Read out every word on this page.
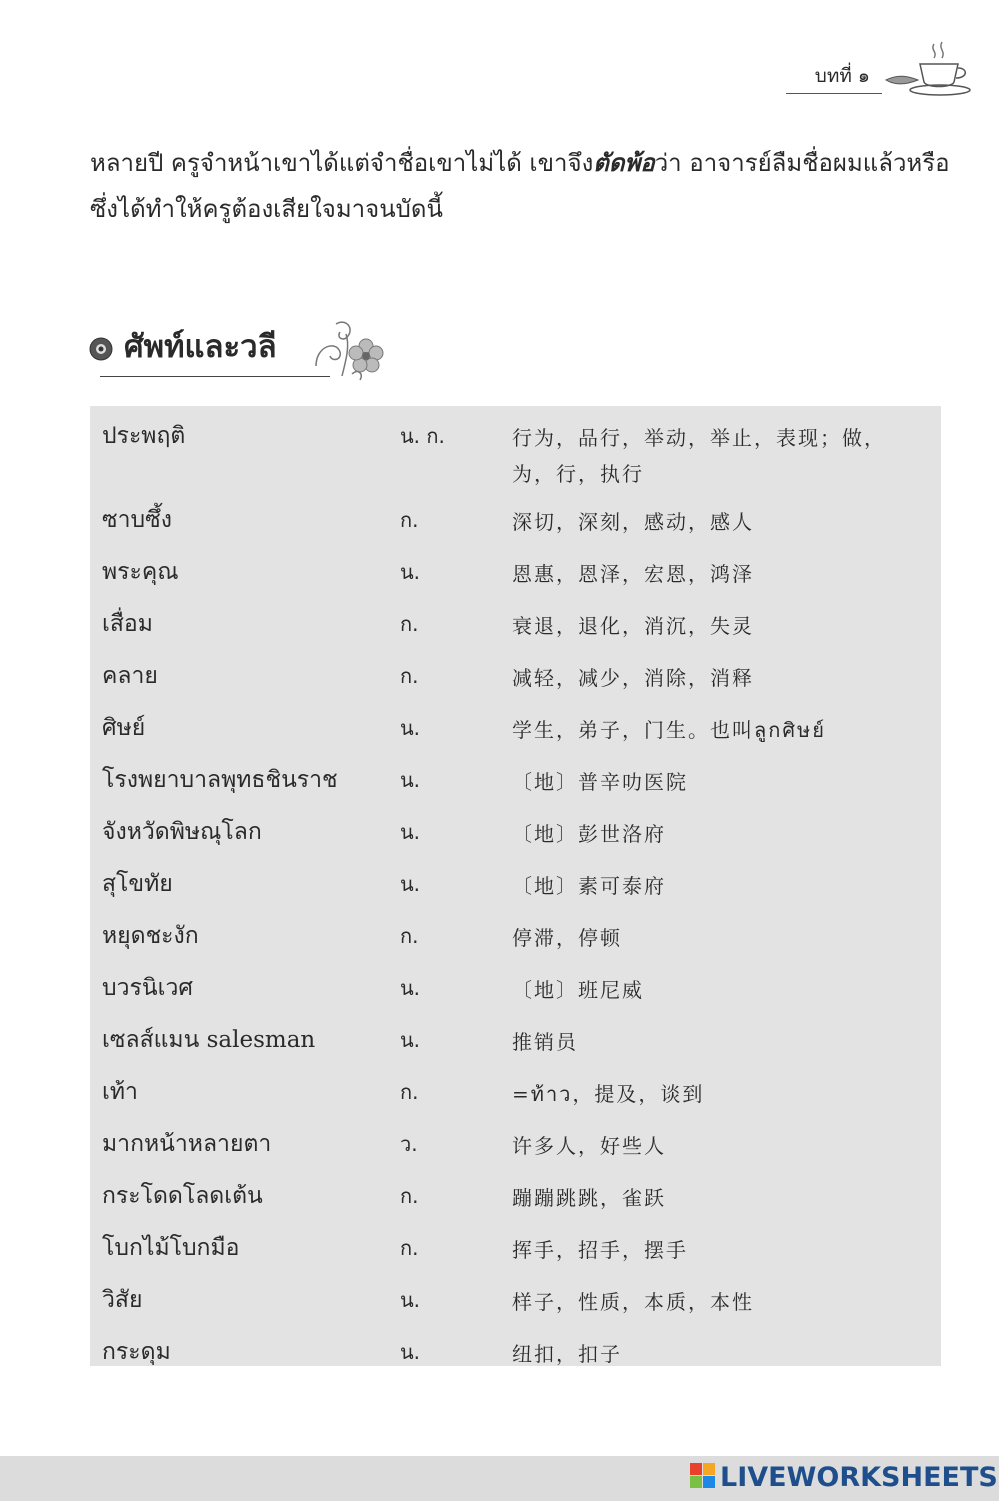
บทที่ ๑

หลายปี ครูจำหน้าเขาได้แต่จำชื่อเขาไม่ได้ เขาจึงตัดพ้อว่า อาจารย์ลืมชื่อผมแล้วหรือ

ซึ่งได้ทำให้ครูต้องเสียใจมาจนบัดนี้

ศัพท์และวลี
ประพฤติ	น. ก.	行为，品行，举动，举止，表现；做，为，行，执行
ซาบซึ้ง	ก.	深切，深刻，感动，感人
พระคุณ	น.	恩惠，恩泽，宏恩，鸿泽
เสื่อม	ก.	衰退，退化，消沉，失灵
คลาย	ก.	减轻，减少，消除，消释
ศิษย์	น.	学生，弟子，门生。也叫ลูกศิษย์
โรงพยาบาลพุทธชินราช	น.	〔地〕普辛叻医院
จังหวัดพิษณุโลก	น.	〔地〕彭世洛府
สุโขทัย	น.	〔地〕素可泰府
หยุดชะงัก	ก.	停滞，停顿
บวรนิเวศ	น.	〔地〕班尼威
เซลส์แมน salesman	น.	推销员
เท้า	ก.	=ท้าว，提及，谈到
มากหน้าหลายตา	ว.	许多人，好些人
กระโดดโลดเต้น	ก.	蹦蹦跳跳，雀跃
โบกไม้โบกมือ	ก.	挥手，招手，摆手
วิสัย	น.	样子，性质，本质，本性
กระดุม	น.	纽扣，扣子
LIVEWORKSHEETS
